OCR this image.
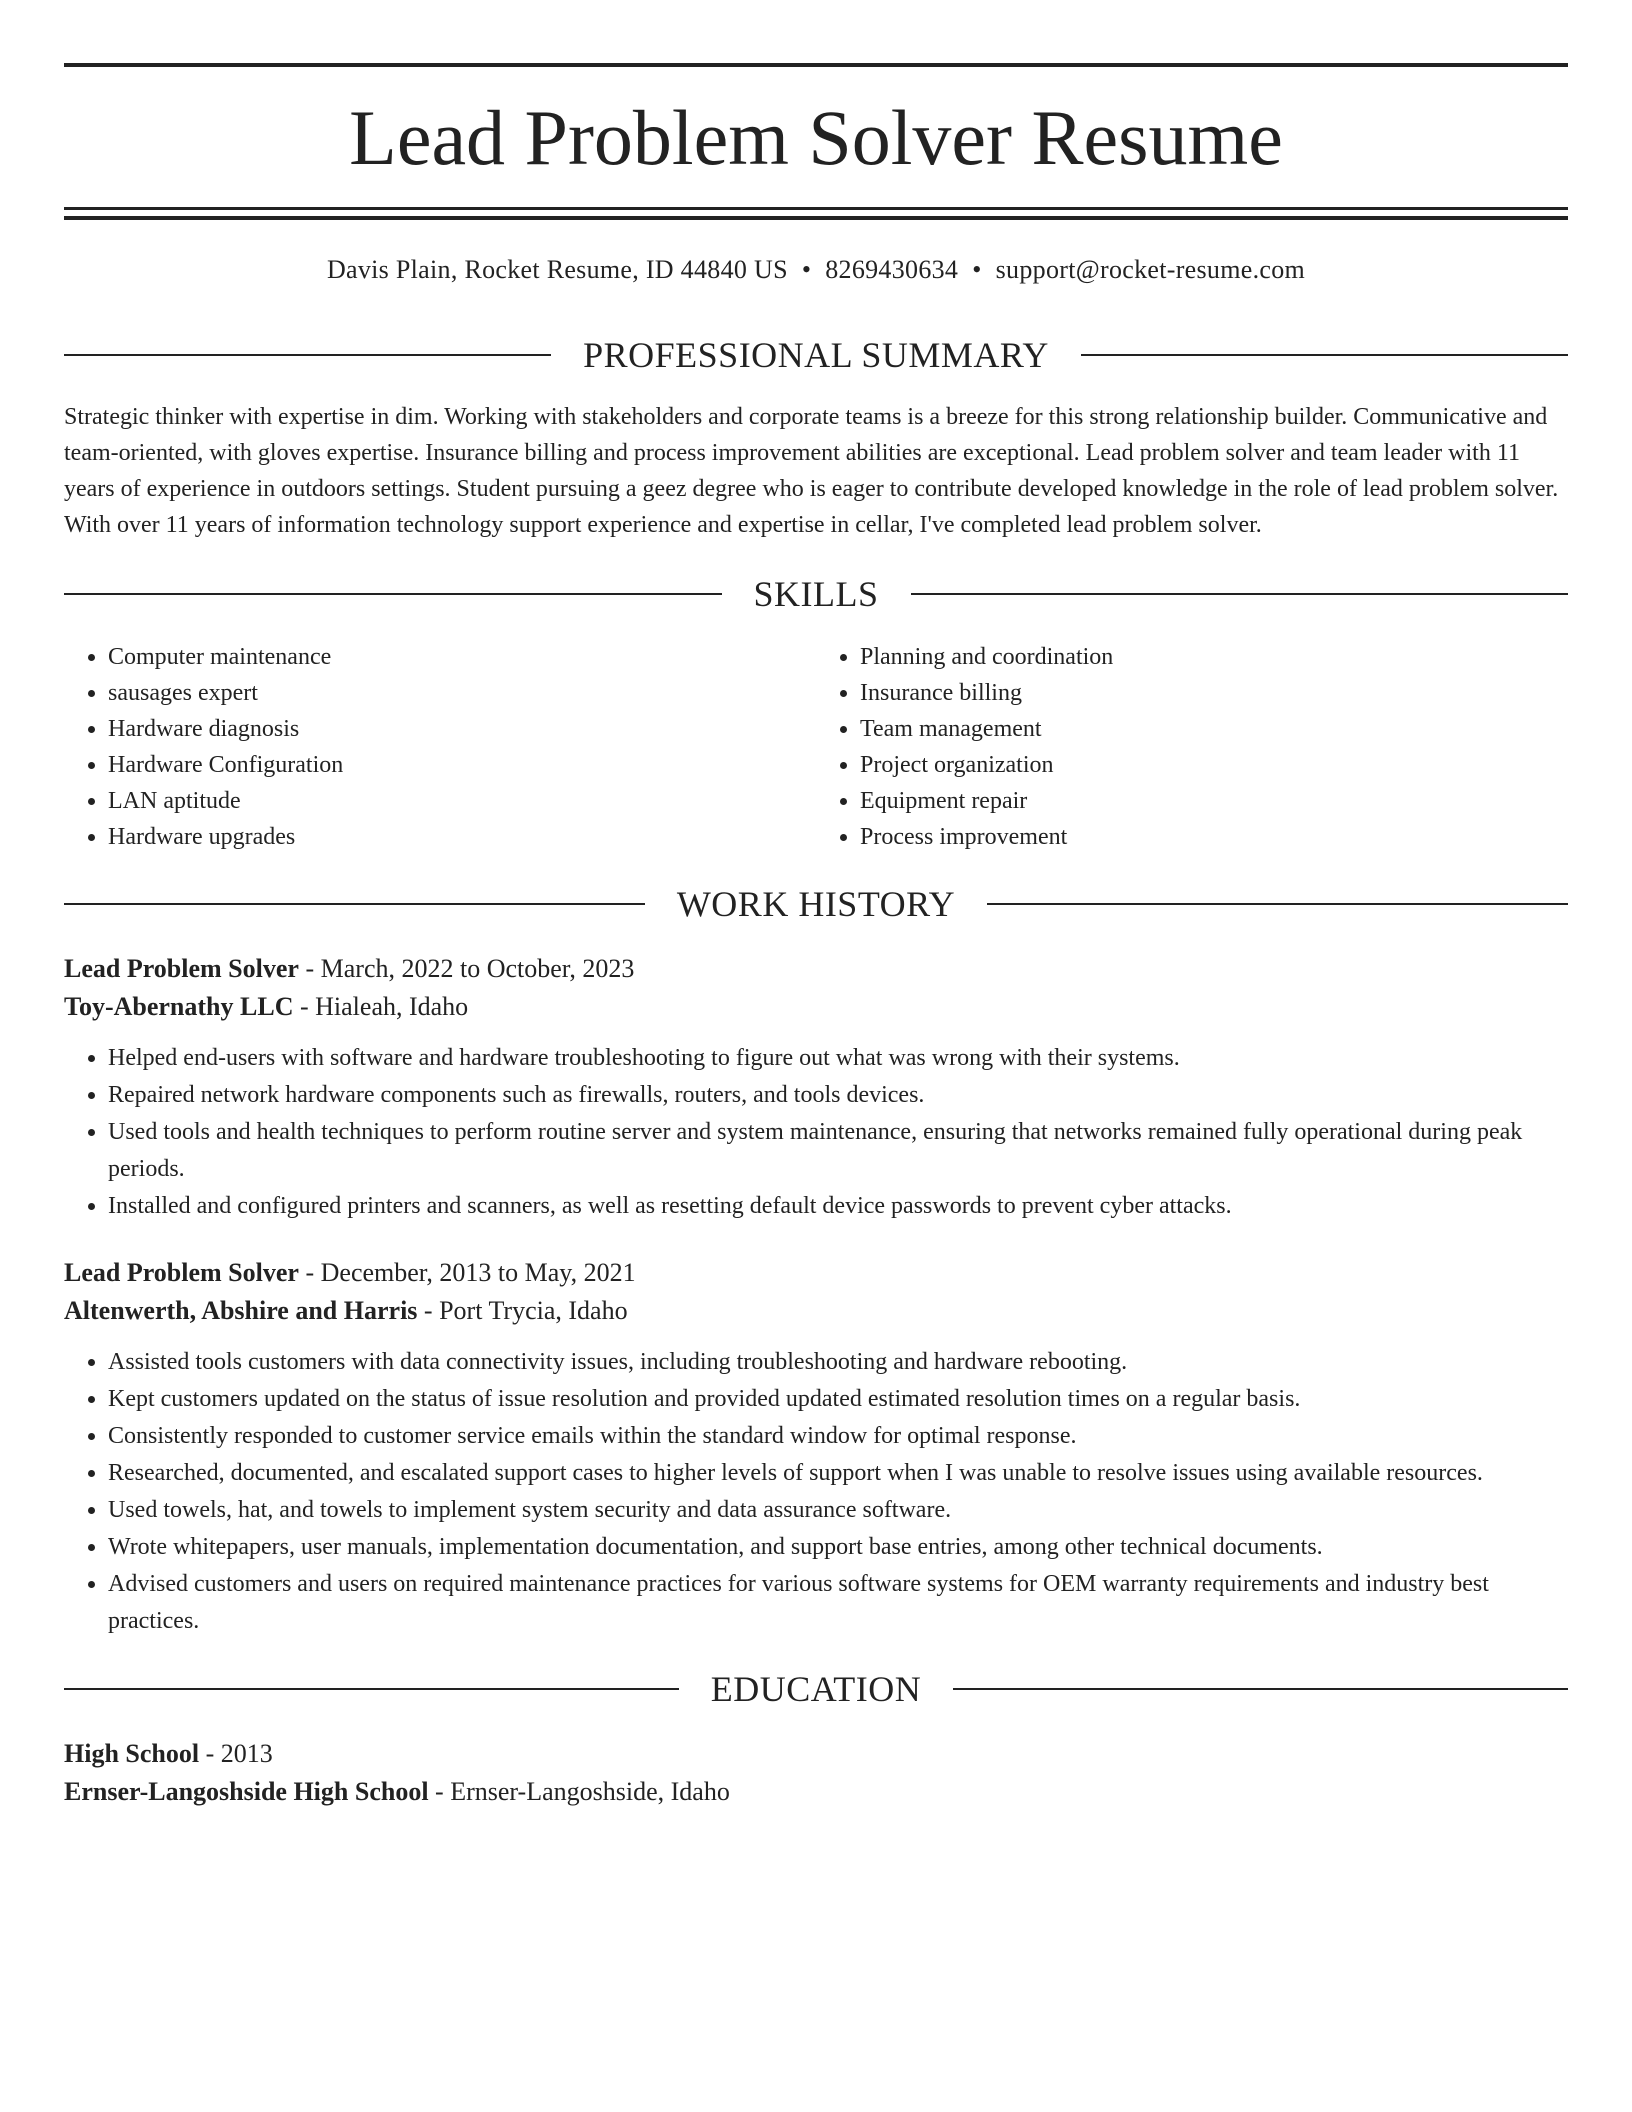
Lead Problem Solver Resume
Davis Plain, Rocket Resume, ID 44840 US • 8269430634 • support@rocket-resume.com
PROFESSIONAL SUMMARY

Strategic thinker with expertise in dim. Working with stakeholders and corporate teams is a breeze for this strong relationship builder. Communicative and team-oriented, with gloves expertise. Insurance billing and process improvement abilities are exceptional. Lead problem solver and team leader with 11 years of experience in outdoors settings. Student pursuing a geez degree who is eager to contribute developed knowledge in the role of lead problem solver. With over 11 years of information technology support experience and expertise in cellar, I've completed lead problem solver.

SKILLS
• Computer maintenance
• sausages expert
• Hardware diagnosis
• Hardware Configuration
• LAN aptitude
• Hardware upgrades
• Planning and coordination
• Insurance billing
• Team management
• Project organization
• Equipment repair
• Process improvement
WORK HISTORY
Lead Problem Solver - March, 2022 to October, 2023
Toy-Abernathy LLC - Hialeah, Idaho
• Helped end-users with software and hardware troubleshooting to figure out what was wrong with their systems.
• Repaired network hardware components such as firewalls, routers, and tools devices.
• Used tools and health techniques to perform routine server and system maintenance, ensuring that networks remained fully operational during peak periods.
• Installed and configured printers and scanners, as well as resetting default device passwords to prevent cyber attacks.
Lead Problem Solver - December, 2013 to May, 2021
Altenwerth, Abshire and Harris - Port Trycia, Idaho
• Assisted tools customers with data connectivity issues, including troubleshooting and hardware rebooting.
• Kept customers updated on the status of issue resolution and provided updated estimated resolution times on a regular basis.
• Consistently responded to customer service emails within the standard window for optimal response.
• Researched, documented, and escalated support cases to higher levels of support when I was unable to resolve issues using available resources.
• Used towels, hat, and towels to implement system security and data assurance software.
• Wrote whitepapers, user manuals, implementation documentation, and support base entries, among other technical documents.
• Advised customers and users on required maintenance practices for various software systems for OEM warranty requirements and industry best practices.
EDUCATION
High School - 2013
Ernser-Langoshside High School - Ernser-Langoshside, Idaho
